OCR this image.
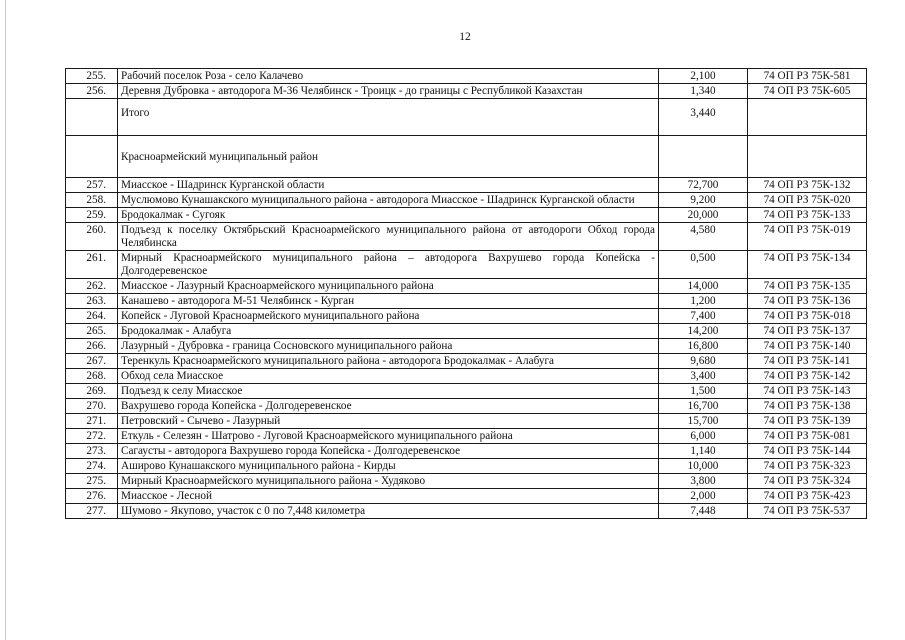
12
255.	Рабочий поселок Роза - село Калачево	2,100	74 ОП РЗ 75К-581
256.	Деревня Дубровка - автодорога М-36 Челябинск - Троицк - до границы с Республикой Казахстан	1,340	74 ОП РЗ 75К-605
	Итого	3,440	
	Красноармейский муниципальный район		
257.	Миасское - Шадринск Курганской области	72,700	74 ОП РЗ 75К-132
258.	Муслюмово Кунашакского муниципального района - автодорога Миасское - Шадринск Курганской области	9,200	74 ОП РЗ 75К-020
259.	Бродокалмак - Сугояк	20,000	74 ОП РЗ 75К-133
260.	Подъезд к поселку Октябрьский Красноармейского муниципального района от автодороги Обход города Челябинска	4,580	74 ОП РЗ 75К-019
261.	Мирный Красноармейского муниципального района – автодорога Вахрушево города Копейска - Долгодеревенское	0,500	74 ОП РЗ 75К-134
262.	Миасское - Лазурный Красноармейского муниципального района	14,000	74 ОП РЗ 75К-135
263.	Канашево - автодорога М-51 Челябинск - Курган	1,200	74 ОП РЗ 75К-136
264.	Копейск - Луговой Красноармейского муниципального района	7,400	74 ОП РЗ 75К-018
265.	Бродокалмак - Алабуга	14,200	74 ОП РЗ 75К-137
266.	Лазурный - Дубровка - граница Сосновского муниципального района	16,800	74 ОП РЗ 75К-140
267.	Теренкуль Красноармейского муниципального района - автодорога Бродокалмак - Алабуга	9,680	74 ОП РЗ 75К-141
268.	Обход села Миасское	3,400	74 ОП РЗ 75К-142
269.	Подъезд к селу Миасское	1,500	74 ОП РЗ 75К-143
270.	Вахрушево города Копейска - Долгодеревенское	16,700	74 ОП РЗ 75К-138
271.	Петровский - Сычево - Лазурный	15,700	74 ОП РЗ 75К-139
272.	Еткуль - Селезян - Шатрово - Луговой Красноармейского муниципального района	6,000	74 ОП РЗ 75К-081
273.	Сагаусты - автодорога Вахрушево города Копейска - Долгодеревенское	1,140	74 ОП РЗ 75К-144
274.	Аширово Кунашакского муниципального района - Кирды	10,000	74 ОП РЗ 75К-323
275.	Мирный Красноармейского муниципального района - Худяково	3,800	74 ОП РЗ 75К-324
276.	Миасское - Лесной	2,000	74 ОП РЗ 75К-423
277.	Шумово - Якупово, участок с 0 по 7,448 километра	7,448	74 ОП РЗ 75К-537
